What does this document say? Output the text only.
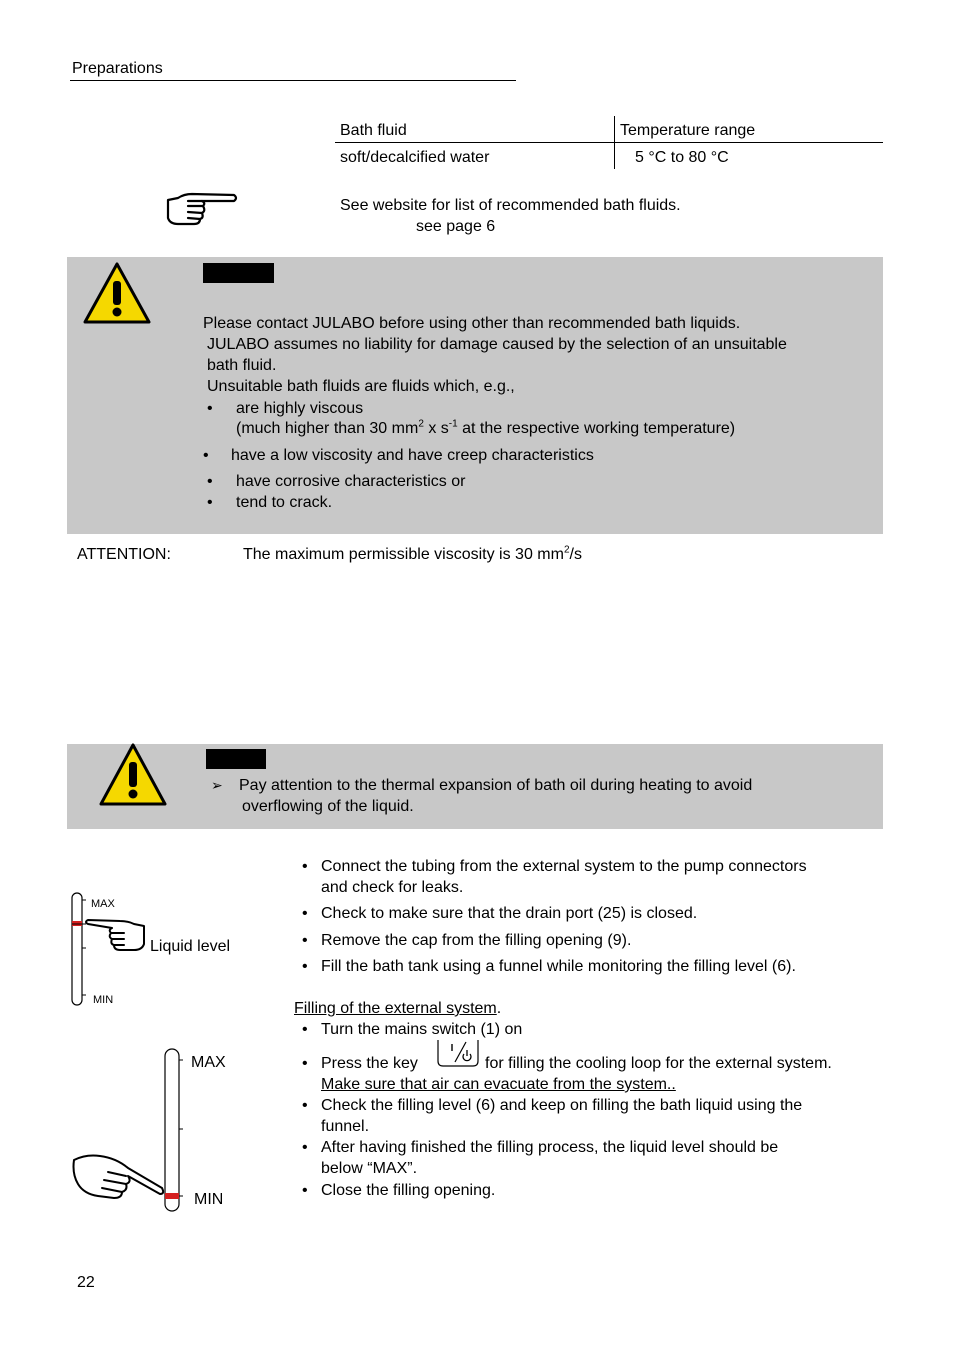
Preparations
Bath fluid	Temperature range
soft/decalcified water	5 °C to 80 °C
See website for list of recommended bath fluids.
see page 6
Please contact JULABO before using other than recommended bath liquids.
JULABO assumes no liability for damage caused by the selection of an unsuitable
bath fluid.
Unsuitable bath fluids are fluids which, e.g.,
• are highly viscous
(much higher than 30 $mm^2$ x $s^{-1}$ at the respective working temperature)
• have a low viscosity and have creep characteristics
• have corrosive characteristics or
• tend to crack.
ATTENTION:	The maximum permissible viscosity is 30 $mm^2/s$
➢ Pay attention to the thermal expansion of bath oil during heating to avoid
overflowing of the liquid.
MAX
MIN
Liquid level
MAX
MIN
• Connect the tubing from the external system to the pump connectors
and check for leaks.
• Check to make sure that the drain port (25) is closed.
• Remove the cap from the filling opening (9).
• Fill the bath tank using a funnel while monitoring the filling level (6).
Filling of the external system.
• Turn the mains switch (1) on
• Press the key	for filling the cooling loop for the external system.
Make sure that air can evacuate from the system..
• Check the filling level (6) and keep on filling the bath liquid using the
funnel.
• After having finished the filling process, the liquid level should be
below “MAX”.
• Close the filling opening.
22
